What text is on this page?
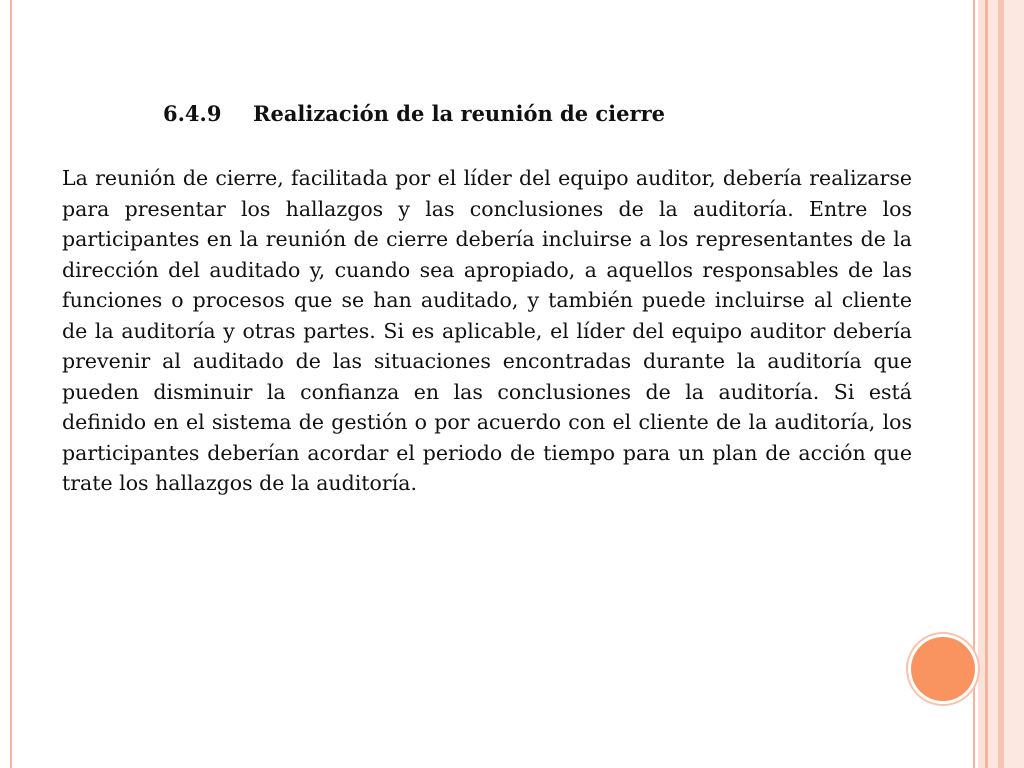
6.4.9 Realización de la reunión de cierre

La reunión de cierre, facilitada por el líder del equipo auditor, debería realizarse para presentar los hallazgos y las conclusiones de la auditoría. Entre los participantes en la reunión de cierre debería incluirse a los representantes de la dirección del auditado y, cuando sea apropiado, a aquellos responsables de las funciones o procesos que se han auditado, y también puede incluirse al cliente de la auditoría y otras partes. Si es aplicable, el líder del equipo auditor debería prevenir al auditado de las situaciones encontradas durante la auditoría que pueden disminuir la confianza en las conclusiones de la auditoría. Si está definido en el sistema de gestión o por acuerdo con el cliente de la auditoría, los participantes deberían acordar el periodo de tiempo para un plan de acción que trate los hallazgos de la auditoría.
